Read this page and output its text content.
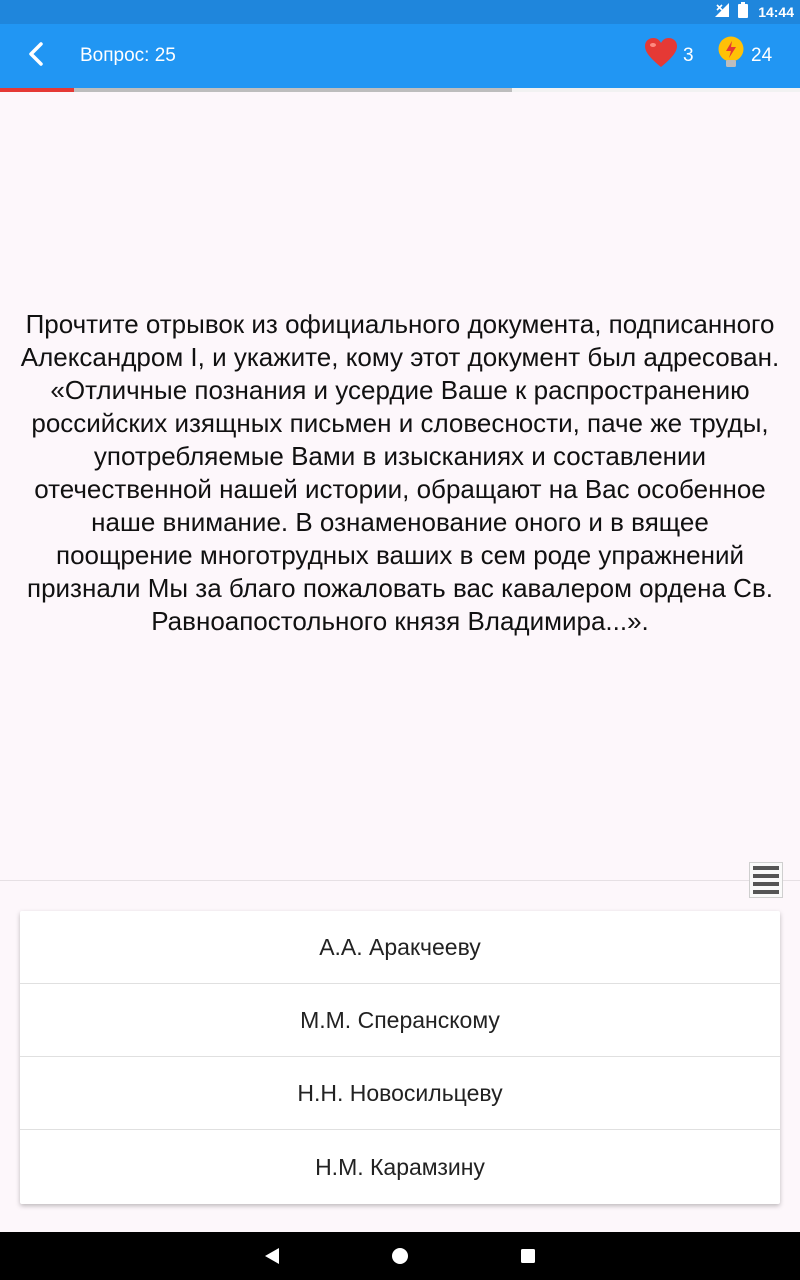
14:44
Вопрос: 25	3	24
Прочтите отрывок из официального документа, подписанного Александром I, и укажите, кому этот документ был адресован. «Отличные познания и усердие Ваше к распространению российских изящных письмен и словесности, паче же труды, употребляемые Вами в изысканиях и составлении отечественной нашей истории, обращают на Вас особенное наше внимание. В ознаменование оного и в вящее поощрение многотрудных ваших в сем роде упражнений признали Мы за благо пожаловать вас кавалером ордена Св. Равноапостольного князя Владимира...».
А.А. Аракчееву
М.М. Сперанскому
Н.Н. Новосильцеву
Н.М. Карамзину
